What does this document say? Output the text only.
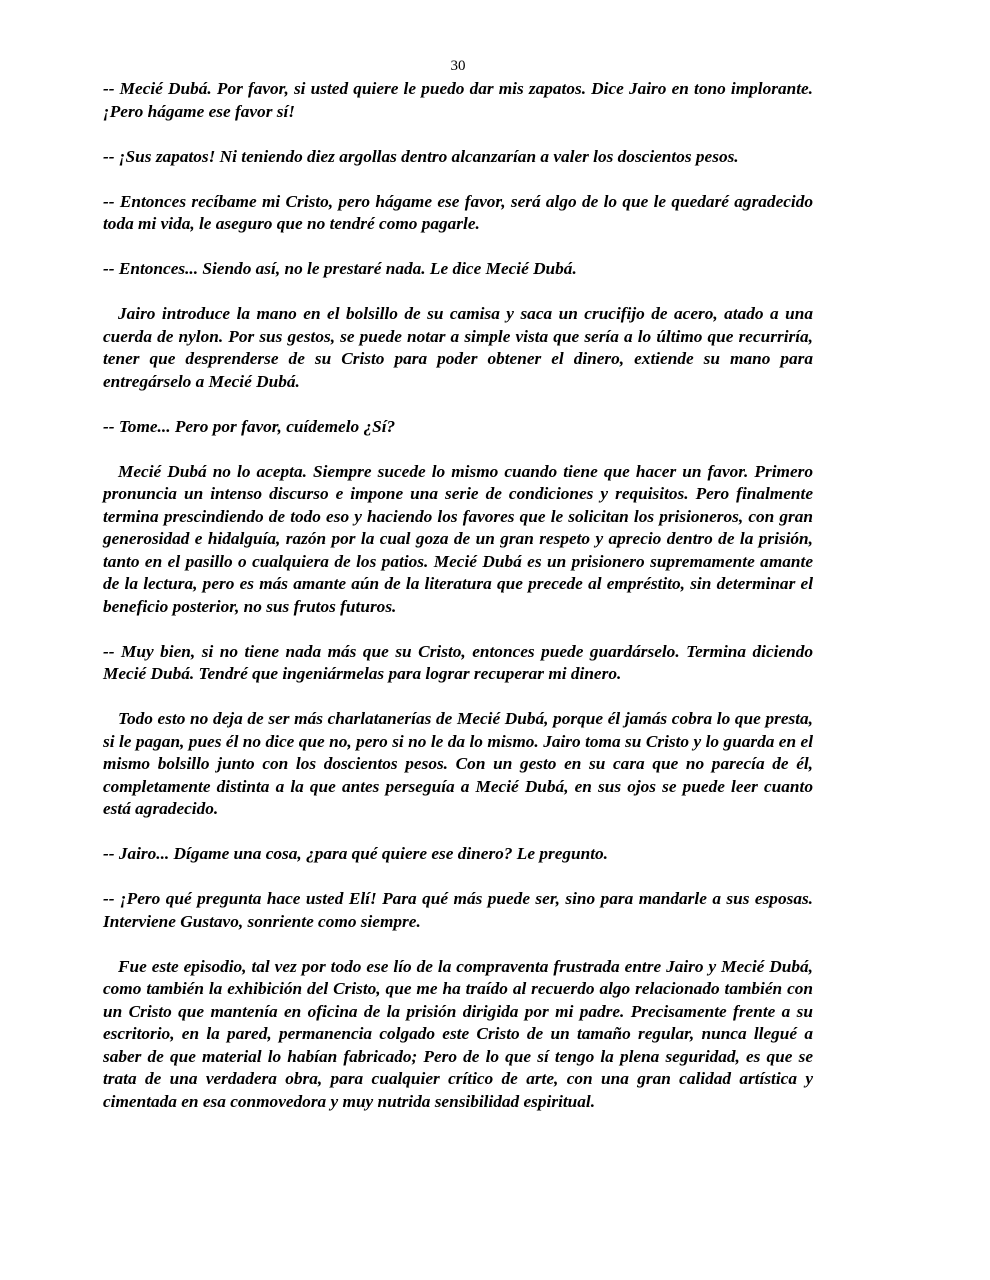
30

-- Mecié Dubá. Por favor, si usted quiere le puedo dar mis zapatos. Dice Jairo en tono implorante. ¡Pero hágame ese favor sí!

-- ¡Sus zapatos! Ni teniendo diez argollas dentro alcanzarían a valer los doscientos pesos.

-- Entonces recíbame mi Cristo, pero hágame ese favor, será algo de lo que le quedaré agradecido toda mi vida, le aseguro que no tendré como pagarle.

-- Entonces... Siendo así, no le prestaré nada. Le dice Mecié Dubá.

Jairo introduce la mano en el bolsillo de su camisa y saca un crucifijo de acero, atado a una cuerda de nylon. Por sus gestos, se puede notar a simple vista que sería a lo último que recurriría, tener que desprenderse de su Cristo para poder obtener el dinero, extiende su mano para entregárselo a Mecié Dubá.

-- Tome... Pero por favor, cuídemelo ¿Sí?

Mecié Dubá no lo acepta. Siempre sucede lo mismo cuando tiene que hacer un favor. Primero pronuncia un intenso discurso e impone una serie de condiciones y requisitos. Pero finalmente termina prescindiendo de todo eso y haciendo los favores que le solicitan los prisioneros, con gran generosidad e hidalguía, razón por la cual goza de un gran respeto y aprecio dentro de la prisión, tanto en el pasillo o cualquiera de los patios. Mecié Dubá es un prisionero supremamente amante de la lectura, pero es más amante aún de la literatura que precede al empréstito, sin determinar el beneficio posterior, no sus frutos futuros.

-- Muy bien, si no tiene nada más que su Cristo, entonces puede guardárselo. Termina diciendo Mecié Dubá. Tendré que ingeniármelas para lograr recuperar mi dinero.

Todo esto no deja de ser más charlatanerías de Mecié Dubá, porque él jamás cobra lo que presta, si le pagan, pues él no dice que no, pero si no le da lo mismo. Jairo toma su Cristo y lo guarda en el mismo bolsillo junto con los doscientos pesos. Con un gesto en su cara que no parecía de él, completamente distinta a la que antes perseguía a Mecié Dubá, en sus ojos se puede leer cuanto está agradecido.

-- Jairo... Dígame una cosa, ¿para qué quiere ese dinero? Le pregunto.

-- ¡Pero qué pregunta hace usted Elí! Para qué más puede ser, sino para mandarle a sus esposas. Interviene Gustavo, sonriente como siempre.

Fue este episodio, tal vez por todo ese lío de la compraventa frustrada entre Jairo y Mecié Dubá, como también la exhibición del Cristo, que me ha traído al recuerdo algo relacionado también con un Cristo que mantenía en oficina de la prisión dirigida por mi padre. Precisamente frente a su escritorio, en la pared, permanencia colgado este Cristo de un tamaño regular, nunca llegué a saber de que material lo habían fabricado; Pero de lo que sí tengo la plena seguridad, es que se trata de una verdadera obra, para cualquier crítico de arte, con una gran calidad artística y cimentada en esa conmovedora y muy nutrida sensibilidad espiritual.
